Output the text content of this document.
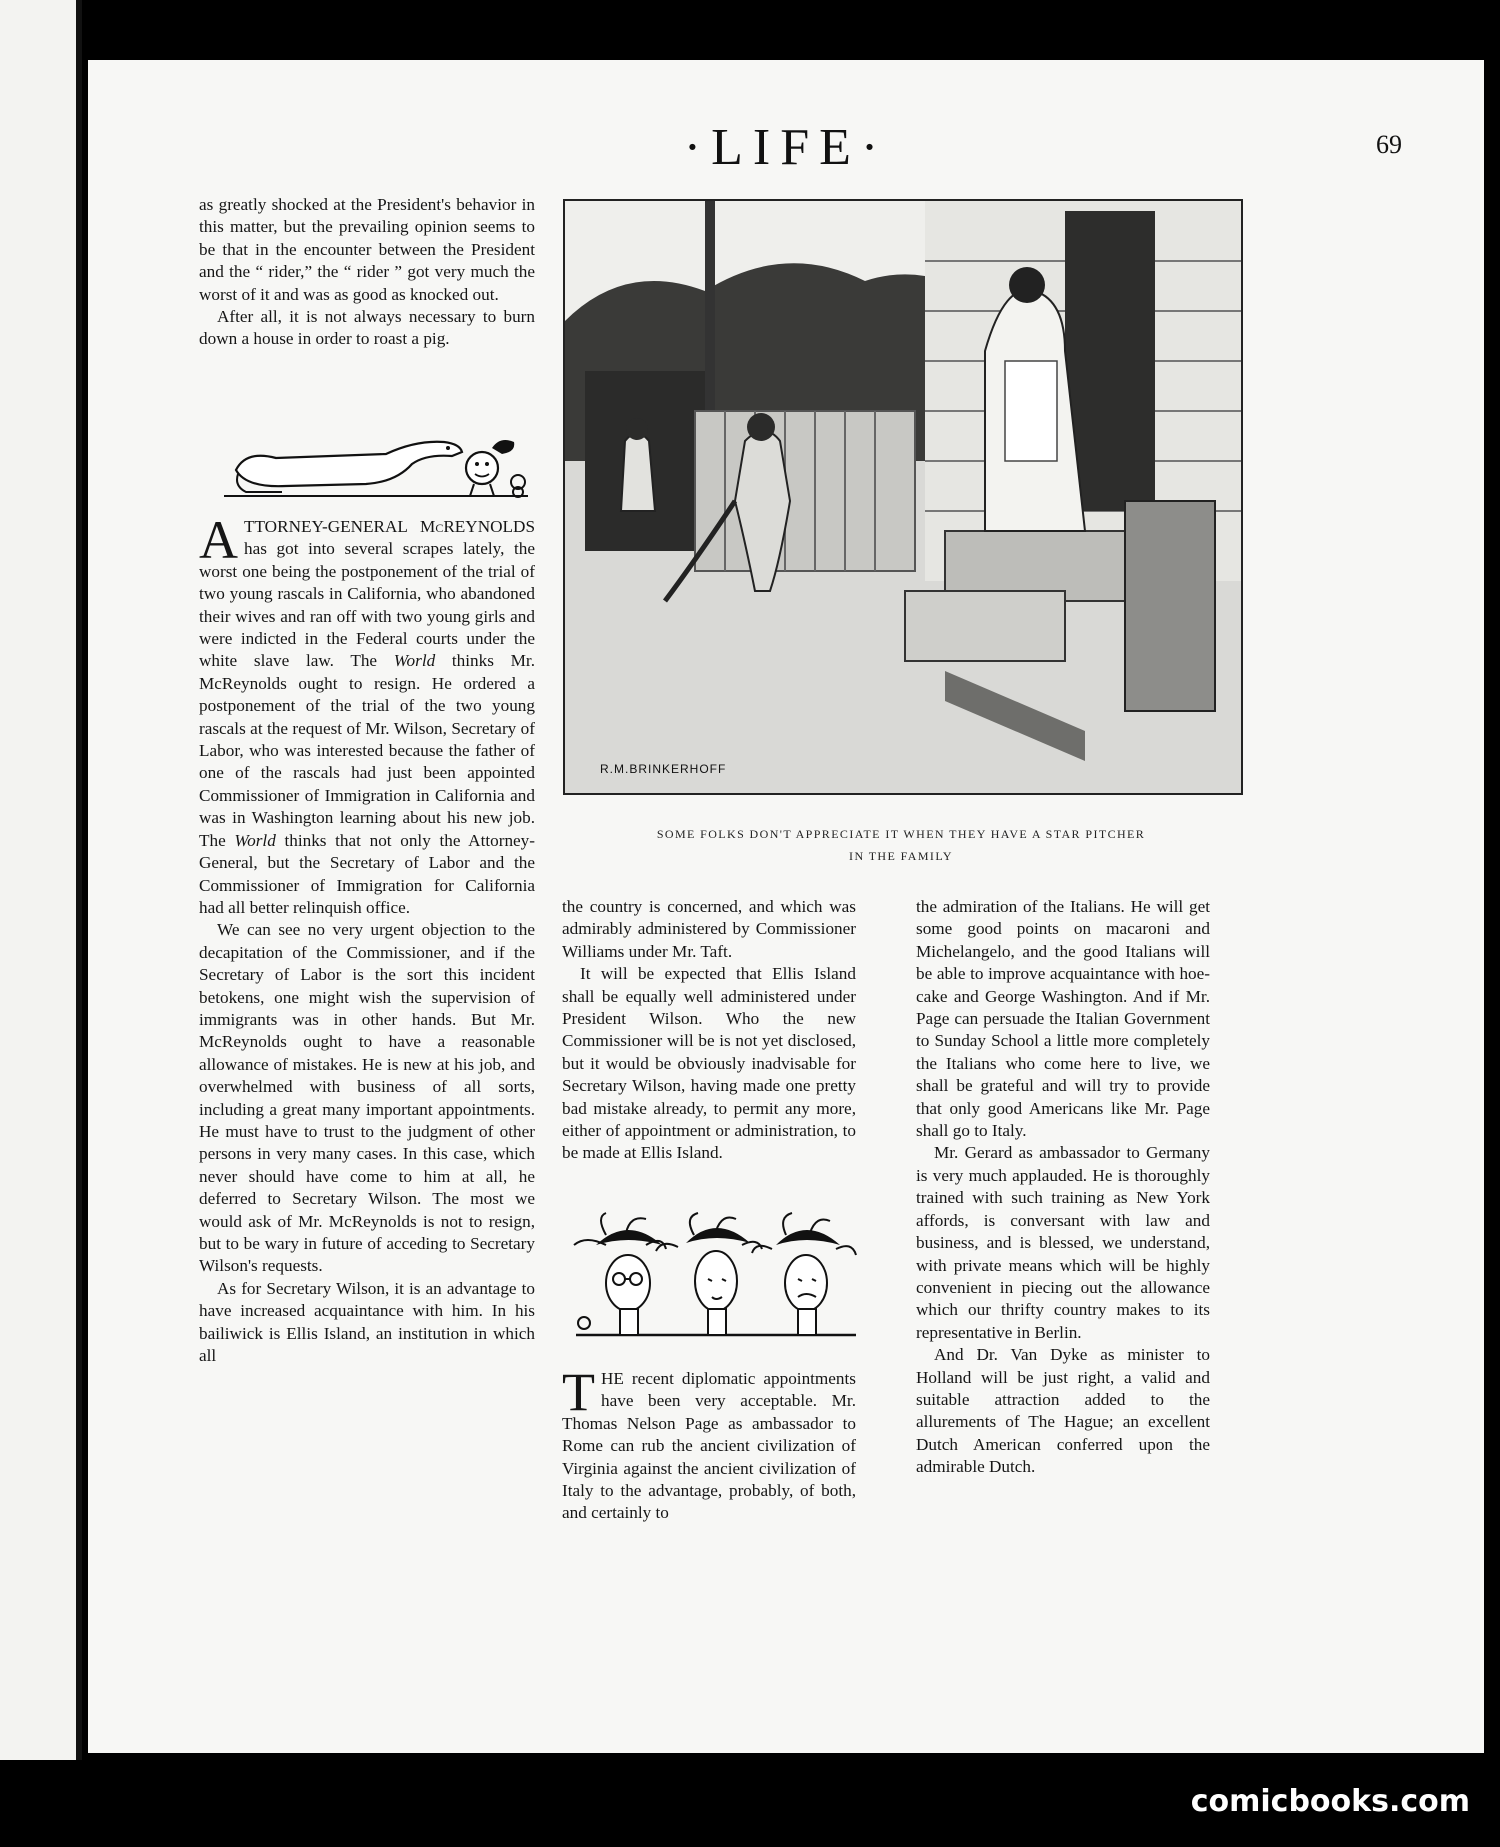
·LIFE·	69

as greatly shocked at the President's behavior in this matter, but the prevailing opinion seems to be that in the encounter between the President and the “ rider,” the “ rider ” got very much the worst of it and was as good as knocked out.

After all, it is not always necessary to burn down a house in order to roast a pig.

ATTORNEY-GENERAL McREYNOLDS has got into several scrapes lately, the worst one being the postponement of the trial of two young rascals in California, who abandoned their wives and ran off with two young girls and were indicted in the Federal courts under the white slave law. The World thinks Mr. McReynolds ought to resign. He ordered a postponement of the trial of the two young rascals at the request of Mr. Wilson, Secretary of Labor, who was interested because the father of one of the rascals had just been appointed Commissioner of Immigration in California and was in Washington learning about his new job. The World thinks that not only the Attorney-General, but the Secretary of Labor and the Commissioner of Immigration for California had all better relinquish office.

We can see no very urgent objection to the decapitation of the Commissioner, and if the Secretary of Labor is the sort this incident betokens, one might wish the supervision of immigrants was in other hands. But Mr. McReynolds ought to have a reasonable allowance of mistakes. He is new at his job, and overwhelmed with business of all sorts, including a great many important appointments. He must have to trust to the judgment of other persons in very many cases. In this case, which never should have come to him at all, he deferred to Secretary Wilson. The most we would ask of Mr. McReynolds is not to resign, but to be wary in future of acceding to Secretary Wilson's requests.

As for Secretary Wilson, it is an advantage to have increased acquaintance with him. In his bailiwick is Ellis Island, an institution in which all

R.M.BRINKERHOFF
SOME FOLKS DON'T APPRECIATE IT WHEN THEY HAVE A STAR PITCHER
IN THE FAMILY

the country is concerned, and which was admirably administered by Commissioner Williams under Mr. Taft.

It will be expected that Ellis Island shall be equally well administered under President Wilson. Who the new Commissioner will be is not yet disclosed, but it would be obviously inadvisable for Secretary Wilson, having made one pretty bad mistake already, to permit any more, either of appointment or administration, to be made at Ellis Island.

THE recent diplomatic appointments have been very acceptable. Mr. Thomas Nelson Page as ambassador to Rome can rub the ancient civilization of Virginia against the ancient civilization of Italy to the advantage, probably, of both, and certainly to

the admiration of the Italians. He will get some good points on macaroni and Michelangelo, and the good Italians will be able to improve acquaintance with hoe-cake and George Washington. And if Mr. Page can persuade the Italian Government to Sunday School a little more completely the Italians who come here to live, we shall be grateful and will try to provide that only good Americans like Mr. Page shall go to Italy.

Mr. Gerard as ambassador to Germany is very much applauded. He is thoroughly trained with such training as New York affords, is conversant with law and business, and is blessed, we understand, with private means which will be highly convenient in piecing out the allowance which our thrifty country makes to its representative in Berlin.

And Dr. Van Dyke as minister to Holland will be just right, a valid and suitable attraction added to the allurements of The Hague; an excellent Dutch American conferred upon the admirable Dutch.

comicbooks.com
